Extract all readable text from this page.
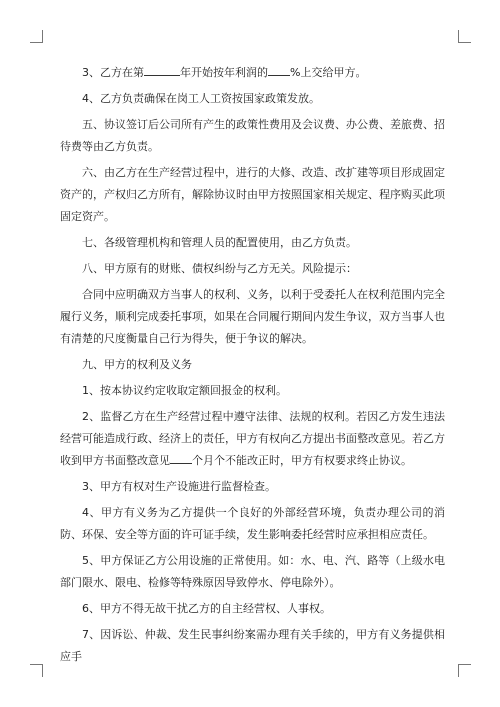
3、乙方在第	年开始按年利润的 %上交给甲方。

4、乙方负责确保在岗工人工资按国家政策发放。

五、协议签订后公司所有产生的政策性费用及会议费、办公费、差旅费、招待费等由乙方负责。

六、由乙方在生产经营过程中，进行的大修、改造、改扩建等项目形成固定资产的，产权归乙方所有，解除协议时由甲方按照国家相关规定、程序购买此项固定资产。

七、各级管理机构和管理人员的配置使用，由乙方负责。

八、甲方原有的财账、债权纠纷与乙方无关。风险提示：

合同中应明确双方当事人的权利、义务，以利于受委托人在权利范围内完全履行义务，顺利完成委托事项，如果在合同履行期间内发生争议，双方当事人也有清楚的尺度衡量自己行为得失，便于争议的解决。

九、甲方的权利及义务

1、按本协议约定收取定额回报金的权利。

2、监督乙方在生产经营过程中遵守法律、法规的权利。若因乙方发生违法经营可能造成行政、经济上的责任，甲方有权向乙方提出书面整改意见。若乙方收到甲方书面整改意见 个月个不能改正时，甲方有权要求终止协议。

3、甲方有权对生产设施进行监督检查。

4、甲方有义务为乙方提供一个良好的外部经营环境，负责办理公司的消防、环保、安全等方面的许可证手续，发生影响委托经营时应承担相应责任。

5、甲方保证乙方公用设施的正常使用。如：水、电、汽、路等（上级水电部门限水、限电、检修等特殊原因导致停水、停电除外）。

6、甲方不得无故干扰乙方的自主经营权、人事权。

7、因诉讼、仲裁、发生民事纠纷案需办理有关手续的，甲方有义务提供相应手
